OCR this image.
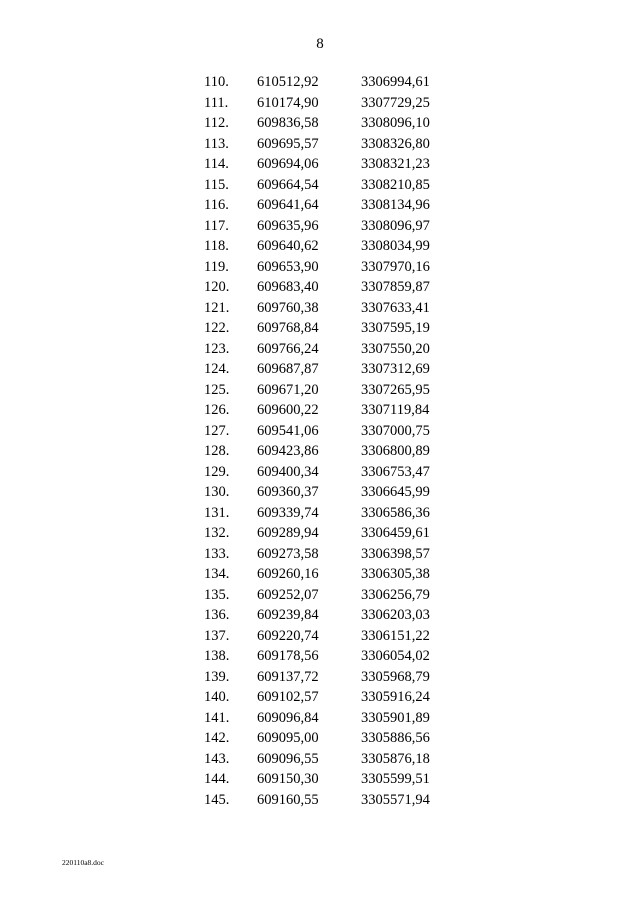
8
110. 610512,92	3306994,61
111. 610174,90	3307729,25
112. 609836,58	3308096,10
113. 609695,57	3308326,80
114. 609694,06	3308321,23
115. 609664,54	3308210,85
116. 609641,64	3308134,96
117. 609635,96	3308096,97
118. 609640,62	3308034,99
119. 609653,90	3307970,16
120. 609683,40	3307859,87
121. 609760,38	3307633,41
122. 609768,84	3307595,19
123. 609766,24	3307550,20
124. 609687,87	3307312,69
125. 609671,20	3307265,95
126. 609600,22	3307119,84
127. 609541,06	3307000,75
128. 609423,86	3306800,89
129. 609400,34	3306753,47
130. 609360,37	3306645,99
131. 609339,74	3306586,36
132. 609289,94	3306459,61
133. 609273,58	3306398,57
134. 609260,16	3306305,38
135. 609252,07	3306256,79
136. 609239,84	3306203,03
137. 609220,74	3306151,22
138. 609178,56	3306054,02
139. 609137,72	3305968,79
140. 609102,57	3305916,24
141. 609096,84	3305901,89
142. 609095,00	3305886,56
143. 609096,55	3305876,18
144. 609150,30	3305599,51
145. 609160,55	3305571,94
220110a8.doc
